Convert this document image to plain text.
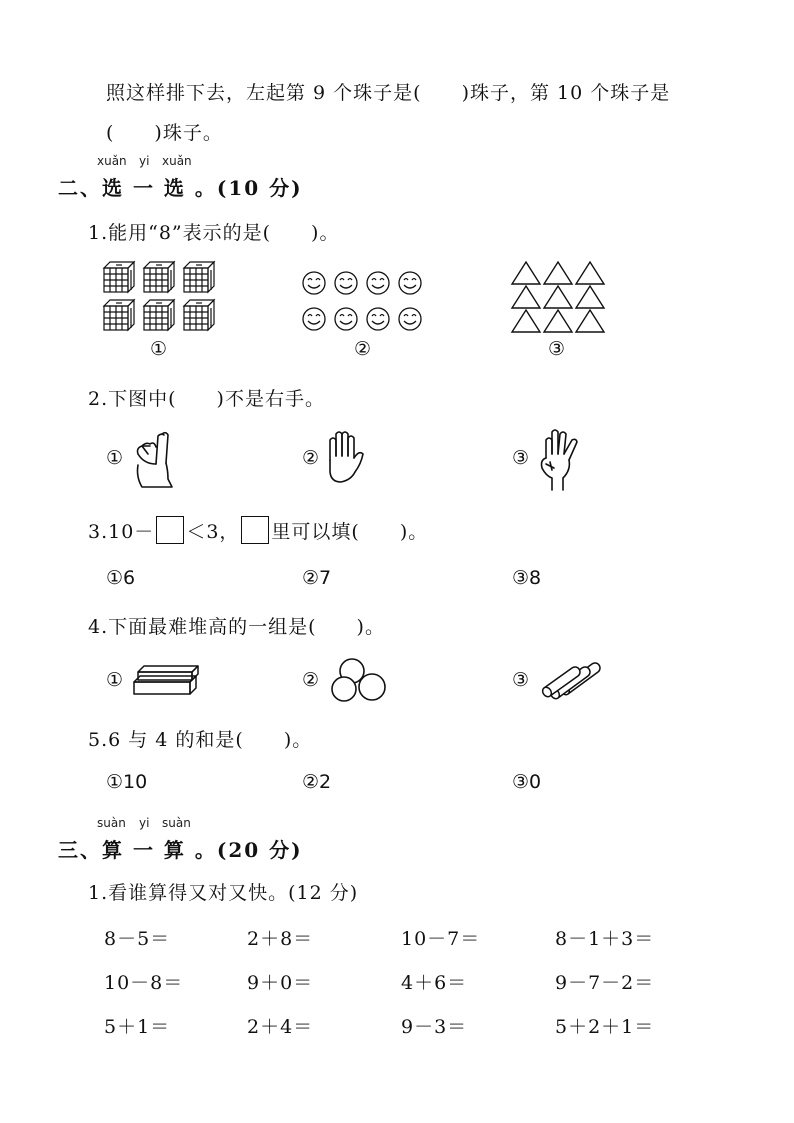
照这样排下去，左起第 9 个珠子是(　　)珠子，第 10 个珠子是
(　　)珠子。
xuǎn yi xuǎn
二、选 一 选 。(10 分)
1.能用“8”表示的是(　　)。
①	②	③
2.下图中(　　)不是右手。
①	②	③
3.10－ ＜3， 里可以填(　　)。
①6	②7	③8
4.下面最难堆高的一组是(　　)。
①	②	③
5.6 与 4 的和是(　　)。
①10	②2	③0
suàn yi suàn
三、算 一 算 。(20 分)
1.看谁算得又对又快。(12 分)
8－5＝	2＋8＝	10－7＝	8－1＋3＝
10－8＝	9＋0＝	4＋6＝	9－7－2＝
5＋1＝	2＋4＝	9－3＝	5＋2＋1＝
